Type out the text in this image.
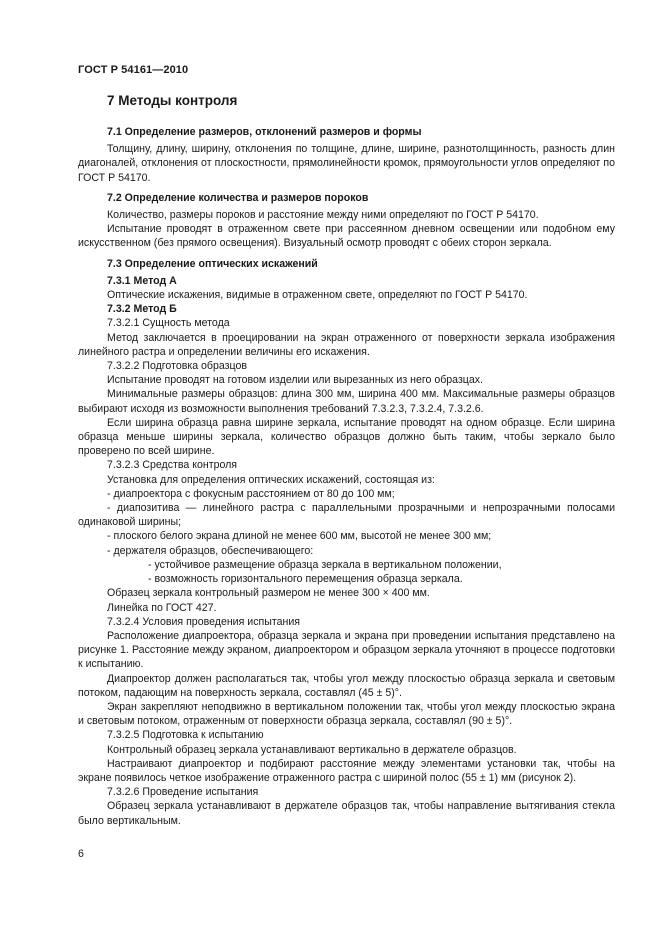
ГОСТ Р 54161—2010
7 Методы контроля

7.1 Определение размеров, отклонений размеров и формы

Толщину, длину, ширину, отклонения по толщине, длине, ширине, разнотолщинность, разность длин диагоналей, отклонения от плоскостности, прямолинейности кромок, прямоугольности углов определяют по ГОСТ Р 54170.

7.2 Определение количества и размеров пороков

Количество, размеры пороков и расстояние между ними определяют по ГОСТ Р 54170.

Испытание проводят в отраженном свете при рассеянном дневном освещении или подобном ему искусственном (без прямого освещения). Визуальный осмотр проводят с обеих сторон зеркала.

7.3 Определение оптических искажений

7.3.1 Метод А

Оптические искажения, видимые в отраженном свете, определяют по ГОСТ Р 54170.

7.3.2 Метод Б

7.3.2.1 Сущность метода

Метод заключается в проецировании на экран отраженного от поверхности зеркала изображения линейного растра и определении величины его искажения.

7.3.2.2 Подготовка образцов

Испытание проводят на готовом изделии или вырезанных из него образцах.

Минимальные размеры образцов: длина 300 мм, ширина 400 мм. Максимальные размеры образцов выбирают исходя из возможности выполнения требований 7.3.2.3, 7.3.2.4, 7.3.2.6.

Если ширина образца равна ширине зеркала, испытание проводят на одном образце. Если ширина образца меньше ширины зеркала, количество образцов должно быть таким, чтобы зеркало было проверено по всей ширине.

7.3.2.3 Средства контроля

Установка для определения оптических искажений, состоящая из:

- диапроектора с фокусным расстоянием от 80 до 100 мм;

- диапозитива — линейного растра с параллельными прозрачными и непрозрачными полосами одинаковой ширины;

- плоского белого экрана длиной не менее 600 мм, высотой не менее 300 мм;

- держателя образцов, обеспечивающего:

- устойчивое размещение образца зеркала в вертикальном положении,

- возможность горизонтального перемещения образца зеркала.

Образец зеркала контрольный размером не менее 300 × 400 мм.

Линейка по ГОСТ 427.

7.3.2.4 Условия проведения испытания

Расположение диапроектора, образца зеркала и экрана при проведении испытания представлено на рисунке 1. Расстояние между экраном, диапроектором и образцом зеркала уточняют в процессе подготовки к испытанию.

Диапроектор должен располагаться так, чтобы угол между плоскостью образца зеркала и световым потоком, падающим на поверхность зеркала, составлял (45 ± 5)°.

Экран закрепляют неподвижно в вертикальном положении так, чтобы угол между плоскостью экрана и световым потоком, отраженным от поверхности образца зеркала, составлял (90 ± 5)°.

7.3.2.5 Подготовка к испытанию

Контрольный образец зеркала устанавливают вертикально в держателе образцов.

Настраивают диапроектор и подбирают расстояние между элементами установки так, чтобы на экране появилось четкое изображение отраженного растра с шириной полос (55 ± 1) мм (рисунок 2).

7.3.2.6 Проведение испытания

Образец зеркала устанавливают в держателе образцов так, чтобы направление вытягивания стекла было вертикальным.

6
